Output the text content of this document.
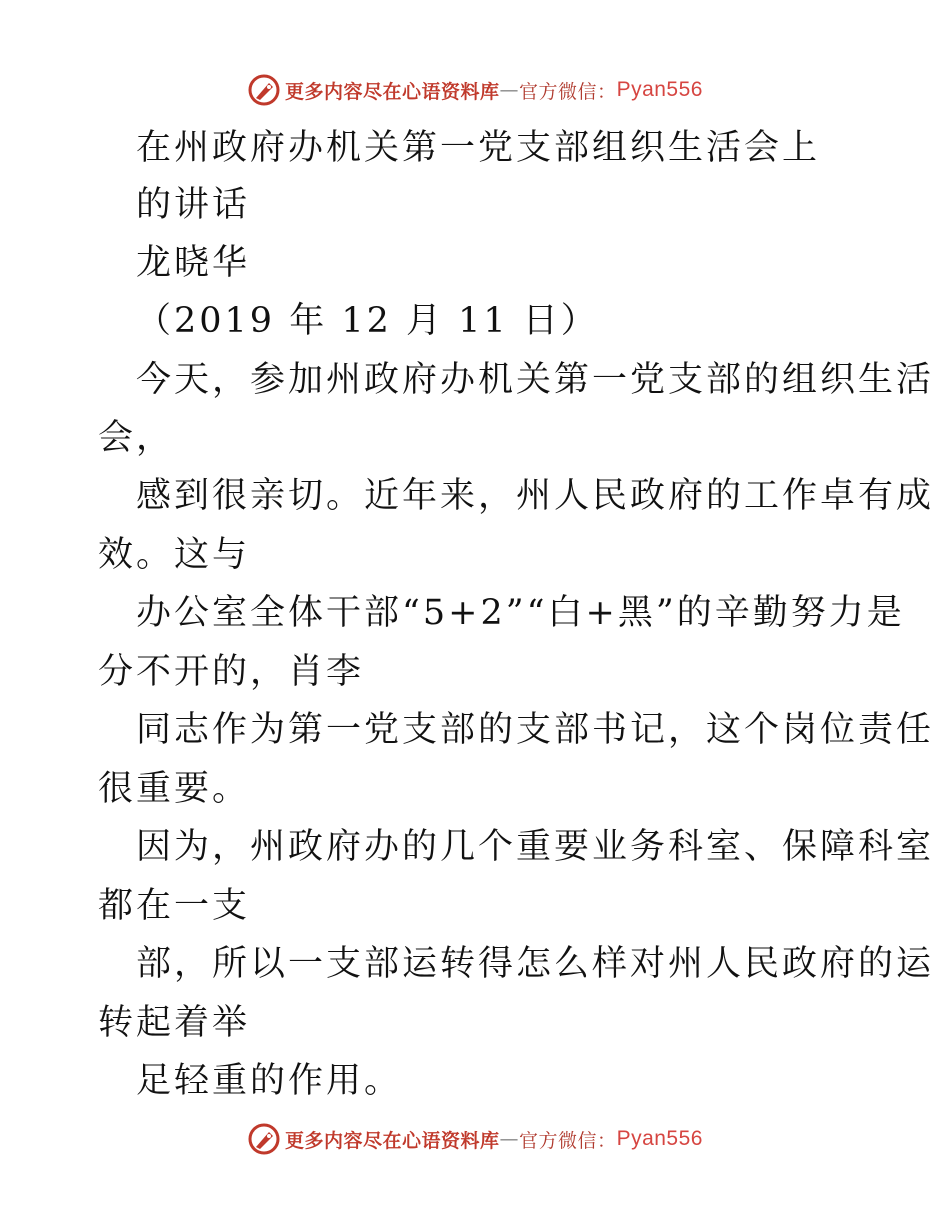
更多内容尽在心语资料库 — 官方微信： Pyan556
在州政府办机关第一党支部组织生活会上
的讲话
龙晓华
（2019 年 12 月 11 日）
今天，参加州政府办机关第一党支部的组织生活
会，
感到很亲切。近年来，州人民政府的工作卓有成
效。这与
办公室全体干部“5+2”“白+黑”的辛勤努力是
分不开的，肖李
同志作为第一党支部的支部书记，这个岗位责任
很重要。
因为，州政府办的几个重要业务科室、保障科室
都在一支
部，所以一支部运转得怎么样对州人民政府的运
转起着举
足轻重的作用。
更多内容尽在心语资料库 — 官方微信： Pyan556
